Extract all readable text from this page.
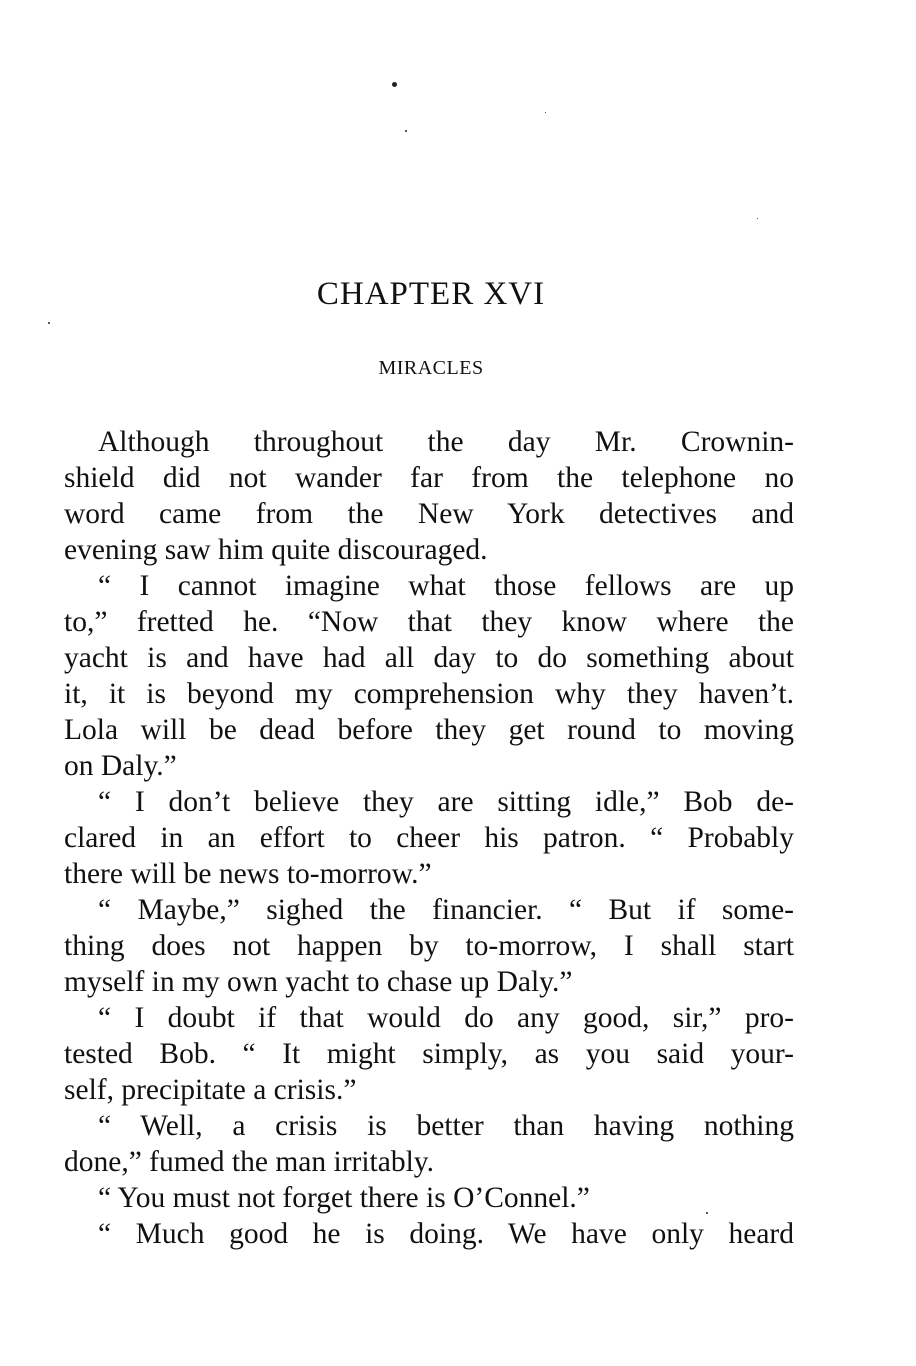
CHAPTER XVI
MIRACLES
Although throughout the day Mr. Crownin-
shield did not wander far from the telephone no
word came from the New York detectives and
evening saw him quite discouraged.
“ I cannot imagine what those fellows are up
to,” fretted he. “Now that they know where the
yacht is and have had all day to do something about
it, it is beyond my comprehension why they haven’t.
Lola will be dead before they get round to moving
on Daly.”
“ I don’t believe they are sitting idle,” Bob de-
clared in an effort to cheer his patron. “ Probably
there will be news to-morrow.”
“ Maybe,” sighed the financier. “ But if some-
thing does not happen by to-morrow, I shall start
myself in my own yacht to chase up Daly.”
“ I doubt if that would do any good, sir,” pro-
tested Bob. “ It might simply, as you said your-
self, precipitate a crisis.”
“ Well, a crisis is better than having nothing
done,” fumed the man irritably.
“ You must not forget there is O’Connel.”
“ Much good he is doing. We have only heard
